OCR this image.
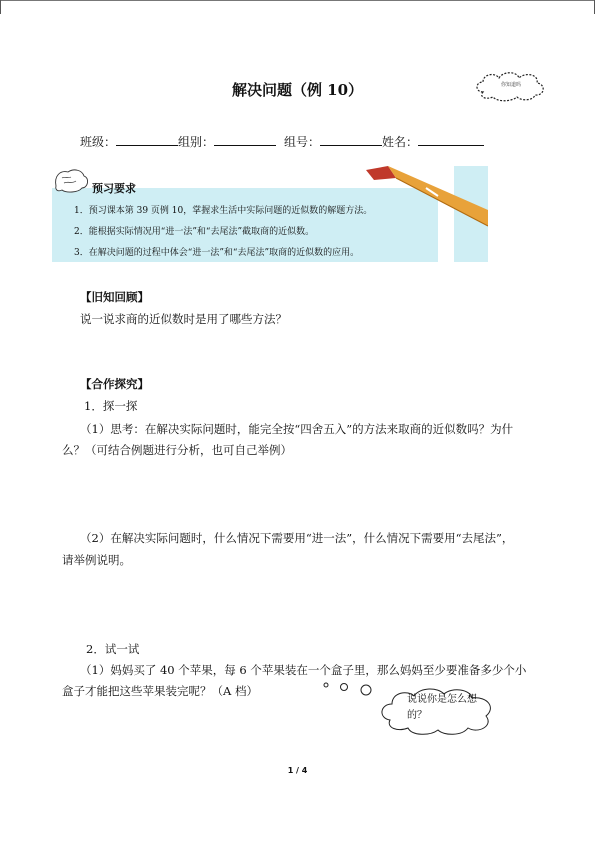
解决问题（例 10）	你知道吗
班级：	组别：	组号：	姓名：
预习要求
1．预习课本第 39 页例 10，掌握求生活中实际问题的近似数的解题方法。
2．能根据实际情况用“进一法”和“去尾法”截取商的近似数。
3．在解决问题的过程中体会“进一法”和“去尾法”取商的近似数的应用。
【旧知回顾】
说一说求商的近似数时是用了哪些方法？
【合作探究】
1．探一探
（1）思考：在解决实际问题时，能完全按“四舍五入”的方法来取商的近似数吗？为什
么？（可结合例题进行分析，也可自己举例）
（2）在解决实际问题时，什么情况下需要用“进一法”，什么情况下需要用“去尾法”，
请举例说明。
2．试一试
（1）妈妈买了 40 个苹果，每 6 个苹果装在一个盒子里，那么妈妈至少要准备多少个小
盒子才能把这些苹果装完呢？（A 档）
说说你是怎么想的？
1 / 4
